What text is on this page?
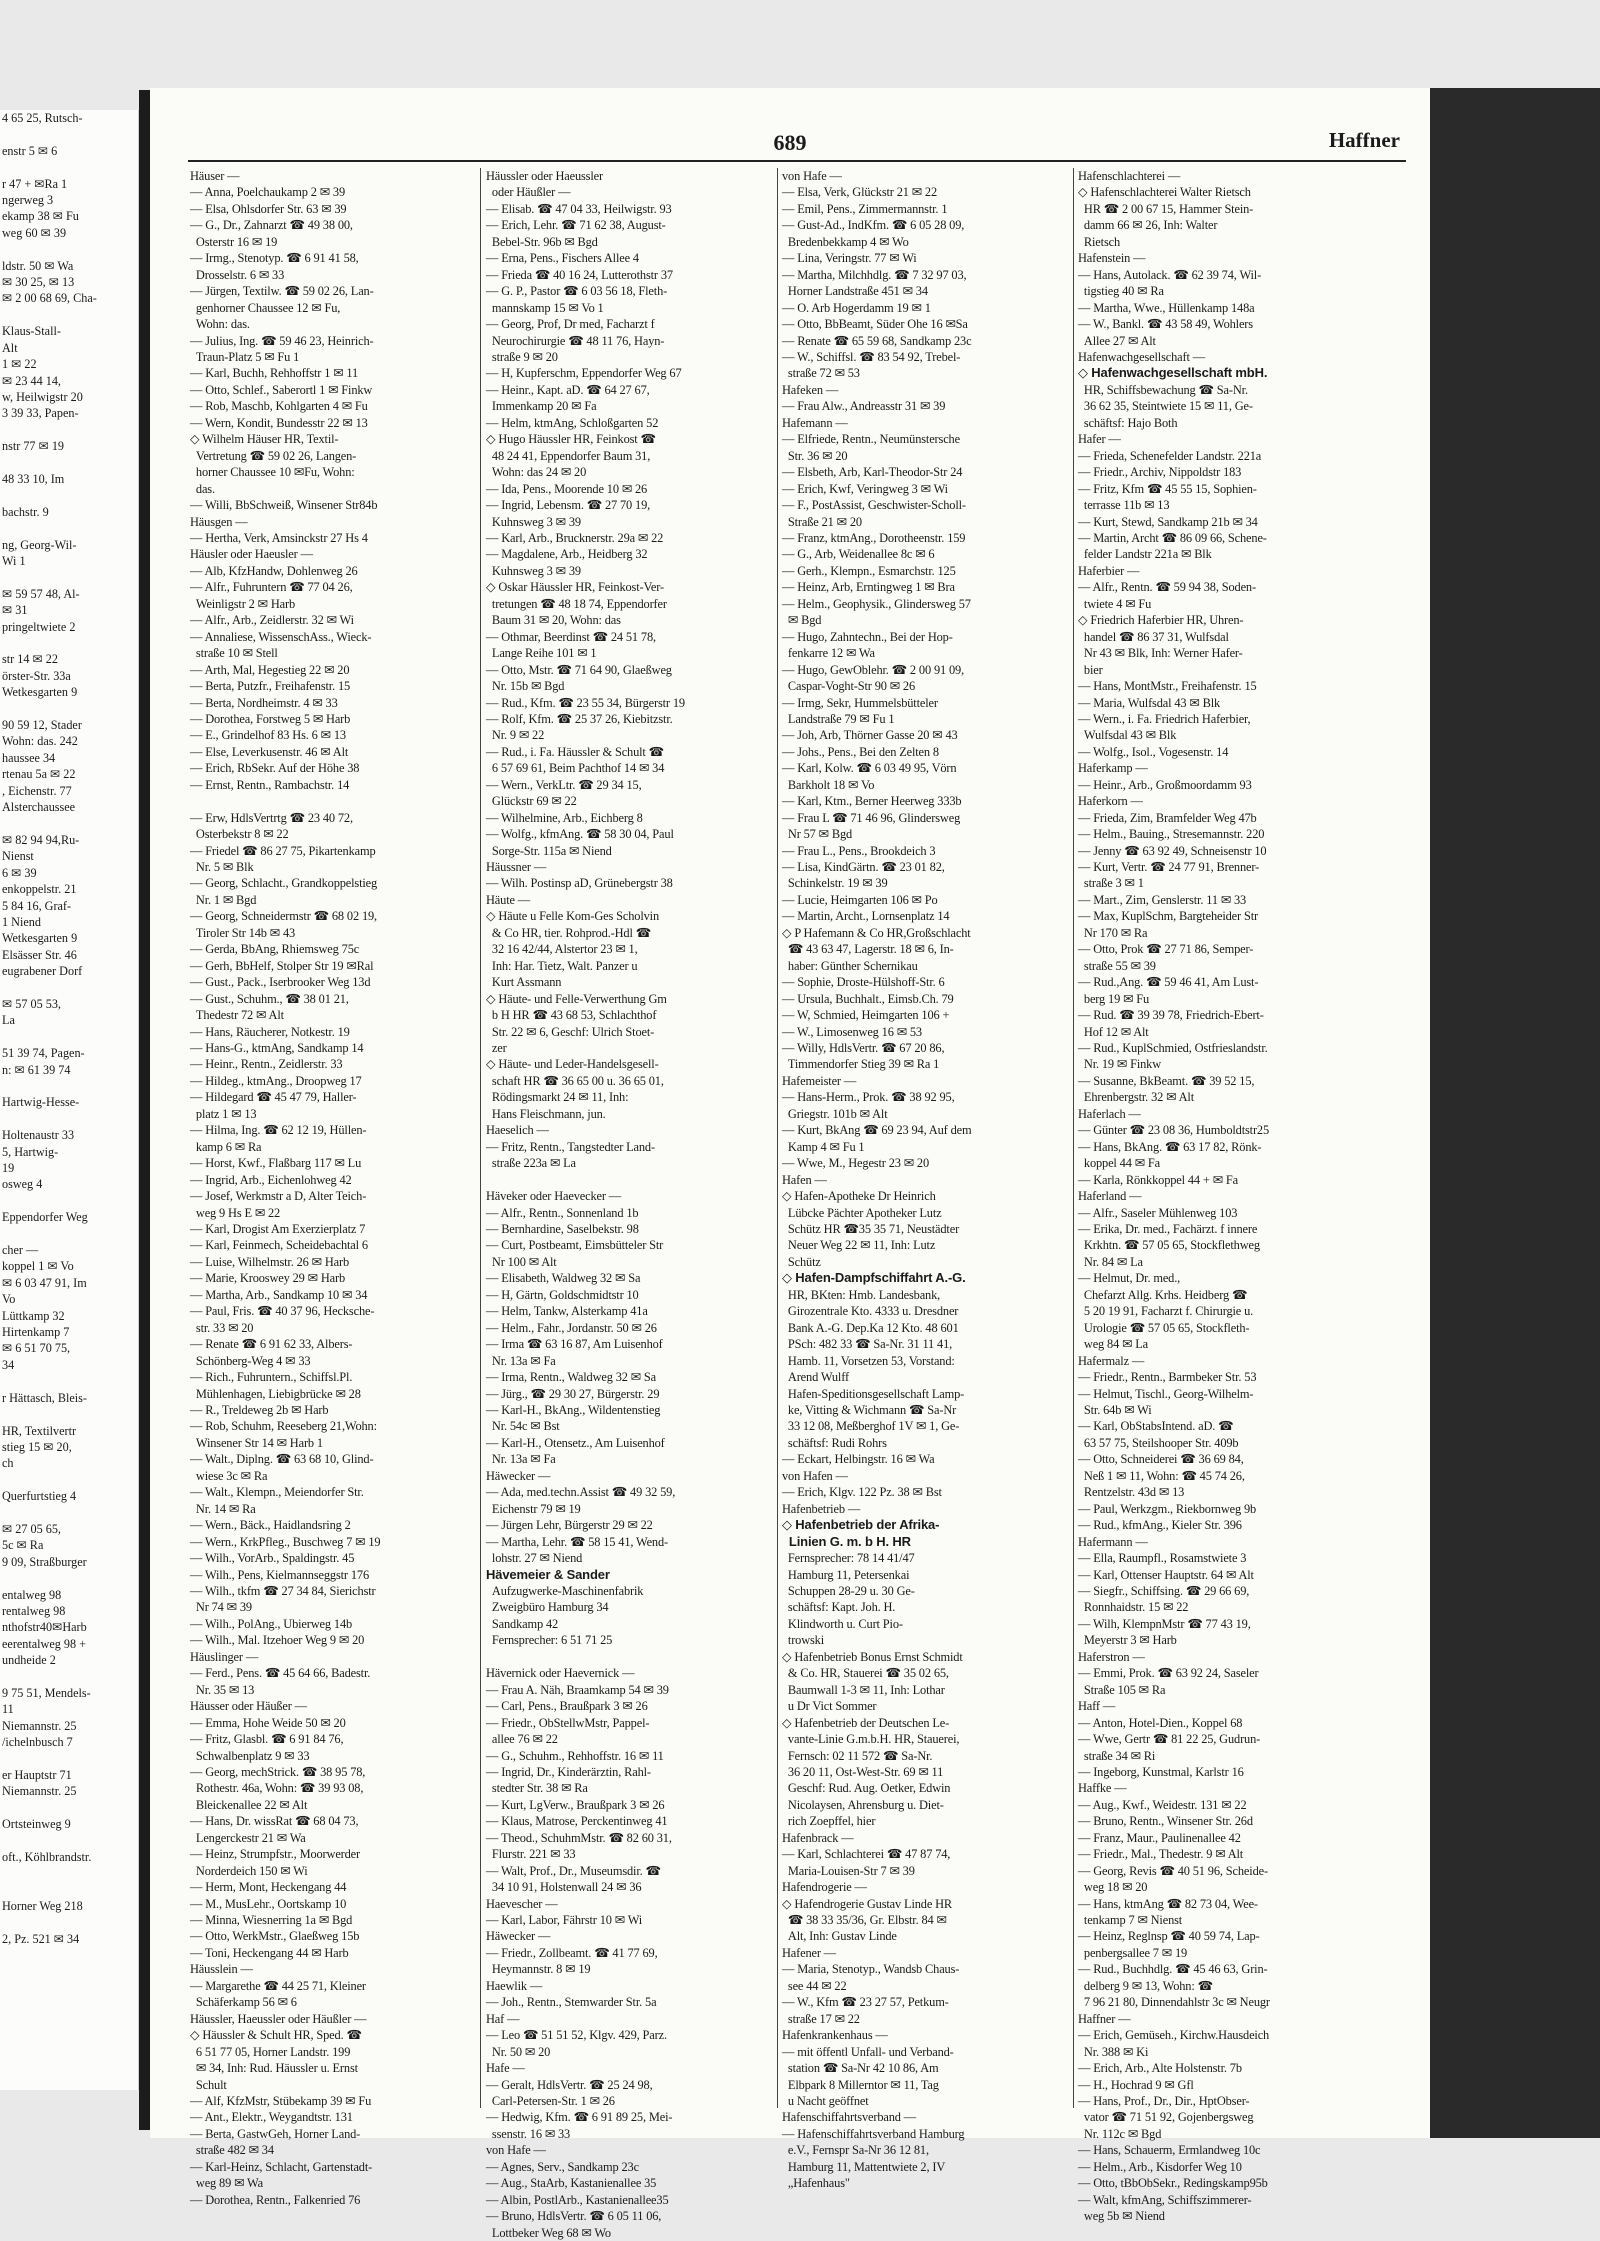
4 65 25, Rutsch-

enstr 5 ✉ 6

r 47 + ✉Ra 1
ngerweg 3
ekamp 38 ✉ Fu
weg 60 ✉ 39

ldstr. 50 ✉ Wa
✉ 30 25, ✉ 13
✉ 2 00 68 69, Cha-

Klaus-Stall-
Alt
1 ✉ 22
✉ 23 44 14,
w, Heilwigstr 20
3 39 33, Papen-

nstr 77 ✉ 19

48 33 10, Im

bachstr. 9

ng, Georg-Wil-
Wi 1

✉ 59 57 48, Al-
✉ 31
pringeltwiete 2

str 14 ✉ 22
örster-Str. 33a
Wetkesgarten 9

90 59 12, Stader
Wohn: das. 242
haussee 34
rtenau 5a ✉ 22
, Eichenstr. 77
Alsterchaussee

✉ 82 94 94,Ru-
Nienst
6 ✉ 39
enkoppelstr. 21
5 84 16, Graf-
1 Niend
Wetkesgarten 9
Elsässer Str. 46
eugrabener Dorf

✉ 57 05 53,
La

51 39 74, Pagen-
n: ✉ 61 39 74

Hartwig-Hesse-

Holtenaustr 33
5, Hartwig-
19
osweg 4

Eppendorfer Weg

cher —
koppel 1 ✉ Vo
✉ 6 03 47 91, Im
Vo
Lüttkamp 32
Hirtenkamp 7
✉ 6 51 70 75,
34

r Hättasch, Bleis-

HR, Textilvertr
stieg 15 ✉ 20,
ch

Querfurtstieg 4

✉ 27 05 65,
5c ✉ Ra
9 09, Straßburger

entalweg 98
rentalweg 98
nthofstr40✉Harb
eerentalweg 98 +
undheide 2

9 75 51, Mendels-
11
Niemannstr. 25
/ichelnbusch 7

er Hauptstr 71
Niemannstr. 25

Ortsteinweg 9

oft., Köhlbrandstr.

Horner Weg 218

2, Pz. 521 ✉ 34
689	Haffner
Häuser —
— Anna, Poelchaukamp 2 ✉ 39
— Elsa, Ohlsdorfer Str. 63 ✉ 39
— G., Dr., Zahnarzt ☎ 49 38 00,
Osterstr 16 ✉ 19
— Irmg., Stenotyp. ☎ 6 91 41 58,
Drosselstr. 6 ✉ 33
— Jürgen, Textilw. ☎ 59 02 26, Lan-
genhorner Chaussee 12 ✉ Fu,
Wohn: das.
— Julius, Ing. ☎ 59 46 23, Heinrich-
Traun-Platz 5 ✉ Fu 1
— Karl, Buchh, Rehhoffstr 1 ✉ 11
— Otto, Schlef., Saberortl 1 ✉ Finkw
— Rob, Maschb, Kohlgarten 4 ✉ Fu
— Wern, Kondit, Bundesstr 22 ✉ 13
◇ Wilhelm Häuser HR, Textil-
Vertretung ☎ 59 02 26, Langen-
horner Chaussee 10 ✉Fu, Wohn:
das.
— Willi, BbSchweiß, Winsener Str84b
Häusgen —
— Hertha, Verk, Amsinckstr 27 Hs 4
Häusler oder Haeusler —
— Alb, KfzHandw, Dohlenweg 26
— Alfr., Fuhruntern ☎ 77 04 26,
Weinligstr 2 ✉ Harb
— Alfr., Arb., Zeidlerstr. 32 ✉ Wi
— Annaliese, WissenschAss., Wieck-
straße 10 ✉ Stell
— Arth, Mal, Hegestieg 22 ✉ 20
— Berta, Putzfr., Freihafenstr. 15
— Berta, Nordheimstr. 4 ✉ 33
— Dorothea, Forstweg 5 ✉ Harb
— E., Grindelhof 83 Hs. 6 ✉ 13
— Else, Leverkusenstr. 46 ✉ Alt
— Erich, RbSekr. Auf der Höhe 38
— Ernst, Rentn., Rambachstr. 14

— Erw, HdlsVertrtg ☎ 23 40 72,
Osterbekstr 8 ✉ 22
— Friedel ☎ 86 27 75, Pikartenkamp
Nr. 5 ✉ Blk
— Georg, Schlacht., Grandkoppelstieg
Nr. 1 ✉ Bgd
— Georg, Schneidermstr ☎ 68 02 19,
Tiroler Str 14b ✉ 43
— Gerda, BbAng, Rhiemsweg 75c
— Gerh, BbHelf, Stolper Str 19 ✉Ral
— Gust., Pack., Iserbrooker Weg 13d
— Gust., Schuhm., ☎ 38 01 21,
Thedestr 72 ✉ Alt
— Hans, Räucherer, Notkestr. 19
— Hans-G., ktmAng, Sandkamp 14
— Heinr., Rentn., Zeidlerstr. 33
— Hildeg., ktmAng., Droopweg 17
— Hildegard ☎ 45 47 79, Haller-
platz 1 ✉ 13
— Hilma, Ing. ☎ 62 12 19, Hüllen-
kamp 6 ✉ Ra
— Horst, Kwf., Flaßbarg 117 ✉ Lu
— Ingrid, Arb., Eichenlohweg 42
— Josef, Werkmstr a D, Alter Teich-
weg 9 Hs E ✉ 22
— Karl, Drogist Am Exerzierplatz 7
— Karl, Feinmech, Scheidebachtal 6
— Luise, Wilhelmstr. 26 ✉ Harb
— Marie, Krooswey 29 ✉ Harb
— Martha, Arb., Sandkamp 10 ✉ 34
— Paul, Fris. ☎ 40 37 96, Hecksche-
str. 33 ✉ 20
— Renate ☎ 6 91 62 33, Albers-
Schönberg-Weg 4 ✉ 33
— Rich., Fuhruntern., Schiffsl.Pl.
Mühlenhagen, Liebigbrücke ✉ 28
— R., Treldeweg 2b ✉ Harb
— Rob, Schuhm, Reeseberg 21,Wohn:
Winsener Str 14 ✉ Harb 1
— Walt., Diplng. ☎ 63 68 10, Glind-
wiese 3c ✉ Ra
— Walt., Klempn., Meiendorfer Str.
Nr. 14 ✉ Ra
— Wern., Bäck., Haidlandsring 2
— Wern., KrkPfleg., Buschweg 7 ✉ 19
— Wilh., VorArb., Spaldingstr. 45
— Wilh., Pens, Kielmannseggstr 176
— Wilh., tkfm ☎ 27 34 84, Sierichstr
Nr 74 ✉ 39
— Wilh., PolAng., Ubierweg 14b
— Wilh., Mal. Itzehoer Weg 9 ✉ 20
Häuslinger —
— Ferd., Pens. ☎ 45 64 66, Badestr.
Nr. 35 ✉ 13
Häusser oder Häußer —
— Emma, Hohe Weide 50 ✉ 20
— Fritz, Glasbl. ☎ 6 91 84 76,
Schwalbenplatz 9 ✉ 33
— Georg, mechStrick. ☎ 38 95 78,
Rothestr. 46a, Wohn: ☎ 39 93 08,
Bleickenallee 22 ✉ Alt
— Hans, Dr. wissRat ☎ 68 04 73,
Lengerckestr 21 ✉ Wa
— Heinz, Strumpfstr., Moorwerder
Norderdeich 150 ✉ Wi
— Herm, Mont, Heckengang 44
— M., MusLehr., Oortskamp 10
— Minna, Wiesnerring 1a ✉ Bgd
— Otto, WerkMstr., Glaeßweg 15b
— Toni, Heckengang 44 ✉ Harb
Häusslein —
— Margarethe ☎ 44 25 71, Kleiner
Schäferkamp 56 ✉ 6
Häussler, Haeussler oder Häußler —
◇ Häussler & Schult HR, Sped. ☎
6 51 77 05, Horner Landstr. 199
✉ 34, Inh: Rud. Häussler u. Ernst
Schult
— Alf, KfzMstr, Stübekamp 39 ✉ Fu
— Ant., Elektr., Weygandtstr. 131
— Berta, GastwGeh, Horner Land-
straße 482 ✉ 34
— Karl-Heinz, Schlacht, Gartenstadt-
weg 89 ✉ Wa
— Dorothea, Rentn., Falkenried 76
Häussler oder Haeussler
oder Häußler —
— Elisab. ☎ 47 04 33, Heilwigstr. 93
— Erich, Lehr. ☎ 71 62 38, August-
Bebel-Str. 96b ✉ Bgd
— Erna, Pens., Fischers Allee 4
— Frieda ☎ 40 16 24, Lutterothstr 37
— G. P., Pastor ☎ 6 03 56 18, Fleth-
mannskamp 15 ✉ Vo 1
— Georg, Prof, Dr med, Facharzt f
Neurochirurgie ☎ 48 11 76, Hayn-
straße 9 ✉ 20
— H, Kupferschm, Eppendorfer Weg 67
— Heinr., Kapt. aD. ☎ 64 27 67,
Immenkamp 20 ✉ Fa
— Helm, ktmAng, Schloßgarten 52
◇ Hugo Häussler HR, Feinkost ☎
48 24 41, Eppendorfer Baum 31,
Wohn: das 24 ✉ 20
— Ida, Pens., Moorende 10 ✉ 26
— Ingrid, Lebensm. ☎ 27 70 19,
Kuhnsweg 3 ✉ 39
— Karl, Arb., Brucknerstr. 29a ✉ 22
— Magdalene, Arb., Heidberg 32
Kuhnsweg 3 ✉ 39
◇ Oskar Häussler HR, Feinkost-Ver-
tretungen ☎ 48 18 74, Eppendorfer
Baum 31 ✉ 20, Wohn: das
— Othmar, Beerdinst ☎ 24 51 78,
Lange Reihe 101 ✉ 1
— Otto, Mstr. ☎ 71 64 90, Glaeßweg
Nr. 15b ✉ Bgd
— Rud., Kfm. ☎ 23 55 34, Bürgerstr 19
— Rolf, Kfm. ☎ 25 37 26, Kiebitzstr.
Nr. 9 ✉ 22
— Rud., i. Fa. Häussler & Schult ☎
6 57 69 61, Beim Pachthof 14 ✉ 34
— Wern., VerkLtr. ☎ 29 34 15,
Glückstr 69 ✉ 22
— Wilhelmine, Arb., Eichberg 8
— Wolfg., kfmAng. ☎ 58 30 04, Paul
Sorge-Str. 115a ✉ Niend
Häussner —
— Wilh. Postinsp aD, Grünebergstr 38
Häute —
◇ Häute u Felle Kom-Ges Scholvin
& Co HR, tier. Rohprod.-Hdl ☎
32 16 42/44, Alstertor 23 ✉ 1,
Inh: Har. Tietz, Walt. Panzer u
Kurt Assmann
◇ Häute- und Felle-Verwerthung Gm
b H HR ☎ 43 68 53, Schlachthof
Str. 22 ✉ 6, Geschf: Ulrich Stoet-
zer
◇ Häute- und Leder-Handelsgesell-
schaft HR ☎ 36 65 00 u. 36 65 01,
Rödingsmarkt 24 ✉ 11, Inh:
Hans Fleischmann, jun.
Haeselich —
— Fritz, Rentn., Tangstedter Land-
straße 223a ✉ La

Häveker oder Haevecker —
— Alfr., Rentn., Sonnenland 1b
— Bernhardine, Saselbekstr. 98
— Curt, Postbeamt, Eimsbütteler Str
Nr 100 ✉ Alt
— Elisabeth, Waldweg 32 ✉ Sa
— H, Gärtn, Goldschmidtstr 10
— Helm, Tankw, Alsterkamp 41a
— Helm., Fahr., Jordanstr. 50 ✉ 26
— Irma ☎ 63 16 87, Am Luisenhof
Nr. 13a ✉ Fa
— Irma, Rentn., Waldweg 32 ✉ Sa
— Jürg., ☎ 29 30 27, Bürgerstr. 29
— Karl-H., BkAng., Wildentenstieg
Nr. 54c ✉ Bst
— Karl-H., Otensetz., Am Luisenhof
Nr. 13a ✉ Fa
Häwecker —
— Ada, med.techn.Assist ☎ 49 32 59,
Eichenstr 79 ✉ 19
— Jürgen Lehr, Bürgerstr 29 ✉ 22
— Martha, Lehr. ☎ 58 15 41, Wend-
lohstr. 27 ✉ Niend
Hävemeier & Sander
Aufzugwerke-Maschinenfabrik
Zweigbüro Hamburg 34
Sandkamp 42
Fernsprecher: 6 51 71 25

Hävernick oder Haevernick —
— Frau A. Näh, Braamkamp 54 ✉ 39
— Carl, Pens., Braußpark 3 ✉ 26
— Friedr., ObStellwMstr, Pappel-
allee 76 ✉ 22
— G., Schuhm., Rehhoffstr. 16 ✉ 11
— Ingrid, Dr., Kinderärztin, Rahl-
stedter Str. 38 ✉ Ra
— Kurt, LgVerw., Braußpark 3 ✉ 26
— Klaus, Matrose, Perckentinweg 41
— Theod., SchuhmMstr. ☎ 82 60 31,
Flurstr. 221 ✉ 33
— Walt, Prof., Dr., Museumsdir. ☎
34 10 91, Holstenwall 24 ✉ 36
Haevescher —
— Karl, Labor, Fährstr 10 ✉ Wi
Häwecker —
— Friedr., Zollbeamt. ☎ 41 77 69,
Heymannstr. 8 ✉ 19
Haewlik —
— Joh., Rentn., Stemwarder Str. 5a
Haf —
— Leo ☎ 51 51 52, Klgv. 429, Parz.
Nr. 50 ✉ 20
Hafe —
— Geralt, HdlsVertr. ☎ 25 24 98,
Carl-Petersen-Str. 1 ✉ 26
— Hedwig, Kfm. ☎ 6 91 89 25, Mei-
ssenstr. 16 ✉ 33
von Hafe —
— Agnes, Serv., Sandkamp 23c
— Aug., StaArb, Kastanienallee 35
— Albin, PostlArb., Kastanienallee35
— Bruno, HdlsVertr. ☎ 6 05 11 06,
Lottbeker Weg 68 ✉ Wo
von Hafe —
— Elsa, Verk, Glückstr 21 ✉ 22
— Emil, Pens., Zimmermannstr. 1
— Gust-Ad., IndKfm. ☎ 6 05 28 09,
Bredenbekkamp 4 ✉ Wo
— Lina, Veringstr. 77 ✉ Wi
— Martha, Milchhdlg. ☎ 7 32 97 03,
Horner Landstraße 451 ✉ 34
— O. Arb Hogerdamm 19 ✉ 1
— Otto, BbBeamt, Süder Ohe 16 ✉Sa
— Renate ☎ 65 59 68, Sandkamp 23c
— W., Schiffsl. ☎ 83 54 92, Trebel-
straße 72 ✉ 53
Hafeken —
— Frau Alw., Andreasstr 31 ✉ 39
Hafemann —
— Elfriede, Rentn., Neumünstersche
Str. 36 ✉ 20
— Elsbeth, Arb, Karl-Theodor-Str 24
— Erich, Kwf, Veringweg 3 ✉ Wi
— F., PostAssist, Geschwister-Scholl-
Straße 21 ✉ 20
— Franz, ktmAng., Dorotheenstr. 159
— G., Arb, Weidenallee 8c ✉ 6
— Gerh., Klempn., Esmarchstr. 125
— Heinz, Arb, Erntingweg 1 ✉ Bra
— Helm., Geophysik., Glindersweg 57
✉ Bgd
— Hugo, Zahntechn., Bei der Hop-
fenkarre 12 ✉ Wa
— Hugo, GewOblehr. ☎ 2 00 91 09,
Caspar-Voght-Str 90 ✉ 26
— Irmg, Sekr, Hummelsbütteler
Landstraße 79 ✉ Fu 1
— Joh, Arb, Thörner Gasse 20 ✉ 43
— Johs., Pens., Bei den Zelten 8
— Karl, Kolw. ☎ 6 03 49 95, Vörn
Barkholt 18 ✉ Vo
— Karl, Ktm., Berner Heerweg 333b
— Frau L ☎ 71 46 96, Glindersweg
Nr 57 ✉ Bgd
— Frau L., Pens., Brookdeich 3
— Lisa, KindGärtn. ☎ 23 01 82,
Schinkelstr. 19 ✉ 39
— Lucie, Heimgarten 106 ✉ Po
— Martin, Archt., Lornsenplatz 14
◇ P Hafemann & Co HR,Großschlacht
☎ 43 63 47, Lagerstr. 18 ✉ 6, In-
haber: Günther Schernikau
— Sophie, Droste-Hülshoff-Str. 6
— Ursula, Buchhalt., Eimsb.Ch. 79
— W, Schmied, Heimgarten 106 +
— W., Limosenweg 16 ✉ 53
— Willy, HdlsVertr. ☎ 67 20 86,
Timmendorfer Stieg 39 ✉ Ra 1
Hafemeister —
— Hans-Herm., Prok. ☎ 38 92 95,
Griegstr. 101b ✉ Alt
— Kurt, BkAng ☎ 69 23 94, Auf dem
Kamp 4 ✉ Fu 1
— Wwe, M., Hegestr 23 ✉ 20
Hafen —
◇ Hafen-Apotheke Dr Heinrich
Lübcke Pächter Apotheker Lutz
Schütz HR ☎35 35 71, Neustädter
Neuer Weg 22 ✉ 11, Inh: Lutz
Schütz
◇ Hafen-Dampfschiffahrt A.-G.
HR, BKten: Hmb. Landesbank,
Girozentrale Kto. 4333 u. Dresdner
Bank A.-G. Dep.Ka 12 Kto. 48 601
PSch: 482 33 ☎ Sa-Nr. 31 11 41,
Hamb. 11, Vorsetzen 53, Vorstand:
Arend Wulff
Hafen-Speditionsgesellschaft Lamp-
ke, Vitting & Wichmann ☎ Sa-Nr
33 12 08, Meßberghof 1V ✉ 1, Ge-
schäftsf: Rudi Rohrs
— Eckart, Helbingstr. 16 ✉ Wa
von Hafen —
— Erich, Klgv. 122 Pz. 38 ✉ Bst
Hafenbetrieb —
◇ Hafenbetrieb der Afrika-
Linien G. m. b H. HR
Fernsprecher: 78 14 41/47
Hamburg 11, Petersenkai
Schuppen 28-29 u. 30 Ge-
schäftsf: Kapt. Joh. H.
Klindworth u. Curt Pio-
trowski
◇ Hafenbetrieb Bonus Ernst Schmidt
& Co. HR, Stauerei ☎ 35 02 65,
Baumwall 1-3 ✉ 11, Inh: Lothar
u Dr Vict Sommer
◇ Hafenbetrieb der Deutschen Le-
vante-Linie G.m.b.H. HR, Stauerei,
Fernsch: 02 11 572 ☎ Sa-Nr.
36 20 11, Ost-West-Str. 69 ✉ 11
Geschf: Rud. Aug. Oetker, Edwin
Nicolaysen, Ahrensburg u. Diet-
rich Zoepffel, hier
Hafenbrack —
— Karl, Schlachterei ☎ 47 87 74,
Maria-Louisen-Str 7 ✉ 39
Hafendrogerie —
◇ Hafendrogerie Gustav Linde HR
☎ 38 33 35/36, Gr. Elbstr. 84 ✉
Alt, Inh: Gustav Linde
Hafener —
— Maria, Stenotyp., Wandsb Chaus-
see 44 ✉ 22
— W., Kfm ☎ 23 27 57, Petkum-
straße 17 ✉ 22
Hafenkrankenhaus —
— mit öffentl Unfall- und Verband-
station ☎ Sa-Nr 42 10 86, Am
Elbpark 8 Millerntor ✉ 11, Tag
u Nacht geöffnet
Hafenschiffahrtsverband —
— Hafenschiffahrtsverband Hamburg
e.V., Fernspr Sa-Nr 36 12 81,
Hamburg 11, Mattentwiete 2, IV
„Hafenhaus"
Hafenschlachterei —
◇ Hafenschlachterei Walter Rietsch
HR ☎ 2 00 67 15, Hammer Stein-
damm 66 ✉ 26, Inh: Walter
Rietsch
Hafenstein —
— Hans, Autolack. ☎ 62 39 74, Wil-
tigstieg 40 ✉ Ra
— Martha, Wwe., Hüllenkamp 148a
— W., Bankl. ☎ 43 58 49, Wohlers
Allee 27 ✉ Alt
Hafenwachgesellschaft —
◇ Hafenwachgesellschaft mbH.
HR, Schiffsbewachung ☎ Sa-Nr.
36 62 35, Steintwiete 15 ✉ 11, Ge-
schäftsf: Hajo Both
Hafer —
— Frieda, Schenefelder Landstr. 221a
— Friedr., Archiv, Nippoldstr 183
— Fritz, Kfm ☎ 45 55 15, Sophien-
terrasse 11b ✉ 13
— Kurt, Stewd, Sandkamp 21b ✉ 34
— Martin, Archt ☎ 86 09 66, Schene-
felder Landstr 221a ✉ Blk
Haferbier —
— Alfr., Rentn. ☎ 59 94 38, Soden-
twiete 4 ✉ Fu
◇ Friedrich Haferbier HR, Uhren-
handel ☎ 86 37 31, Wulfsdal
Nr 43 ✉ Blk, Inh: Werner Hafer-
bier
— Hans, MontMstr., Freihafenstr. 15
— Maria, Wulfsdal 43 ✉ Blk
— Wern., i. Fa. Friedrich Haferbier,
Wulfsdal 43 ✉ Blk
— Wolfg., Isol., Vogesenstr. 14
Haferkamp —
— Heinr., Arb., Großmoordamm 93
Haferkorn —
— Frieda, Zim, Bramfelder Weg 47b
— Helm., Bauing., Stresemannstr. 220
— Jenny ☎ 63 92 49, Schneisenstr 10
— Kurt, Vertr. ☎ 24 77 91, Brenner-
straße 3 ✉ 1
— Mart., Zim, Genslerstr. 11 ✉ 33
— Max, KuplSchm, Bargteheider Str
Nr 170 ✉ Ra
— Otto, Prok ☎ 27 71 86, Semper-
straße 55 ✉ 39
— Rud.,Ang. ☎ 59 46 41, Am Lust-
berg 19 ✉ Fu
— Rud. ☎ 39 39 78, Friedrich-Ebert-
Hof 12 ✉ Alt
— Rud., KuplSchmied, Ostfrieslandstr.
Nr. 19 ✉ Finkw
— Susanne, BkBeamt. ☎ 39 52 15,
Ehrenbergstr. 32 ✉ Alt
Haferlach —
— Günter ☎ 23 08 36, Humboldtstr25
— Hans, BkAng. ☎ 63 17 82, Rönk-
koppel 44 ✉ Fa
— Karla, Rönkkoppel 44 + ✉ Fa
Haferland —
— Alfr., Saseler Mühlenweg 103
— Erika, Dr. med., Fachärzt. f innere
Krkhtn. ☎ 57 05 65, Stockflethweg
Nr. 84 ✉ La
— Helmut, Dr. med.,
Chefarzt Allg. Krhs. Heidberg ☎
5 20 19 91, Facharzt f. Chirurgie u.
Urologie ☎ 57 05 65, Stockfleth-
weg 84 ✉ La
Hafermalz —
— Friedr., Rentn., Barmbeker Str. 53
— Helmut, Tischl., Georg-Wilhelm-
Str. 64b ✉ Wi
— Karl, ObStabsIntend. aD. ☎
63 57 75, Steilshooper Str. 409b
— Otto, Schneiderei ☎ 36 69 84,
Neß 1 ✉ 11, Wohn: ☎ 45 74 26,
Rentzelstr. 43d ✉ 13
— Paul, Werkzgm., Riekbornweg 9b
— Rud., kfmAng., Kieler Str. 396
Hafermann —
— Ella, Raumpfl., Rosamstwiete 3
— Karl, Ottenser Hauptstr. 64 ✉ Alt
— Siegfr., Schiffsing. ☎ 29 66 69,
Ronnhaidstr. 15 ✉ 22
— Wilh, KlempnMstr ☎ 77 43 19,
Meyerstr 3 ✉ Harb
Haferstron —
— Emmi, Prok. ☎ 63 92 24, Saseler
Straße 105 ✉ Ra
Haff —
— Anton, Hotel-Dien., Koppel 68
— Wwe, Gertr ☎ 81 22 25, Gudrun-
straße 34 ✉ Ri
— Ingeborg, Kunstmal, Karlstr 16
Haffke —
— Aug., Kwf., Weidestr. 131 ✉ 22
— Bruno, Rentn., Winsener Str. 26d
— Franz, Maur., Paulinenallee 42
— Friedr., Mal., Thedestr. 9 ✉ Alt
— Georg, Revis ☎ 40 51 96, Scheide-
weg 18 ✉ 20
— Hans, ktmAng ☎ 82 73 04, Wee-
tenkamp 7 ✉ Nienst
— Heinz, Reglnsp ☎ 40 59 74, Lap-
penbergsallee 7 ✉ 19
— Rud., Buchhdlg. ☎ 45 46 63, Grin-
delberg 9 ✉ 13, Wohn: ☎
7 96 21 80, Dinnendahlstr 3c ✉ Neugr
Haffner —
— Erich, Gemüseh., Kirchw.Hausdeich
Nr. 388 ✉ Ki
— Erich, Arb., Alte Holstenstr. 7b
— H., Hochrad 9 ✉ Gfl
— Hans, Prof., Dr., Dir., HptObser-
vator ☎ 71 51 92, Gojenbergsweg
Nr. 112c ✉ Bgd
— Hans, Schauerm, Ermlandweg 10c
— Helm., Arb., Kisdorfer Weg 10
— Otto, tBbObSekr., Redingskamp95b
— Walt, kfmAng, Schiffszimmerer-
weg 5b ✉ Niend
